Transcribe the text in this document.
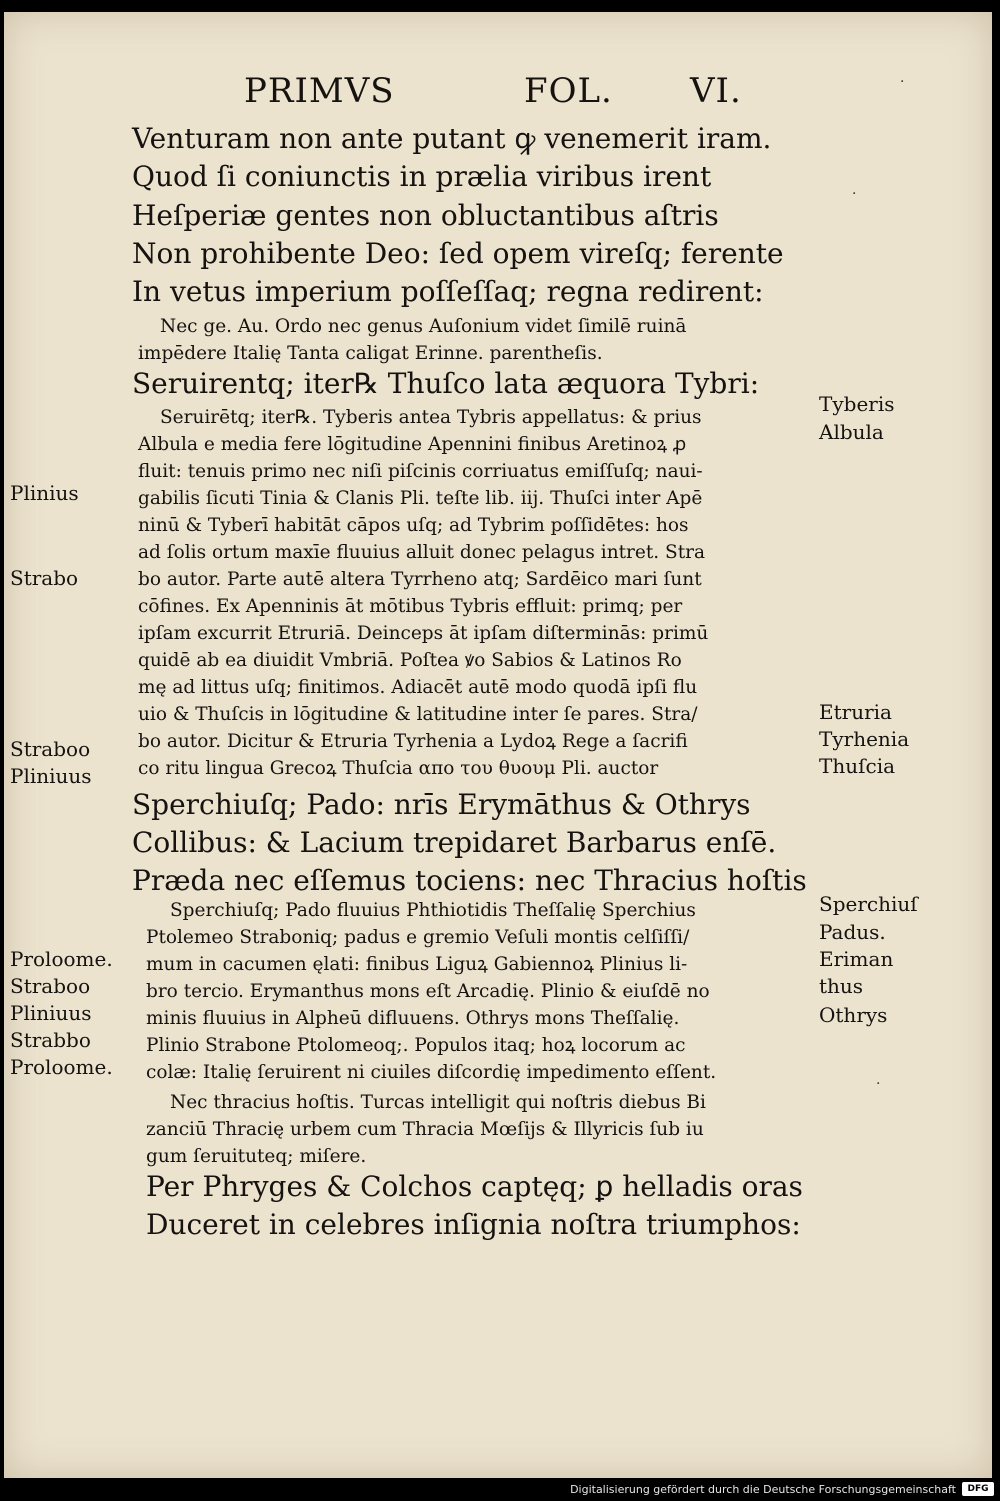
PRIMVS	FOL. VI.
Venturam non ante putant ꝙ venemerit iram.
Quod ſi coniunctis in prælia viribus irent
Heſperiæ gentes non obluctantibus aſtris
Non prohibente Deo: ſed opem vireſq; ferente
In vetus imperium poſſeſſaq; regna redirent:
Nec ge. Au. Ordo nec genus Auſonium videt ſimilē ruinā
impēdere Italię Tanta caligat Erinne. parentheſis.
Seruirentq; iter℞ Thuſco lata æquora Tybri:
Seruirētq; iter℞. Tyberis antea Tybris appellatus: & prius
Albula e media fere lōgitudine Apennini finibus Aretinoꝝ ꝓ
fluit: tenuis primo nec niſi piſcinis corriuatus emiſſuſq; naui-
gabilis ſicuti Tinia & Clanis Pli. teſte lib. iij. Thuſci inter Apē
ninū & Tyberī habitāt cāpos uſq; ad Tybrim poſſidētes: hos
ad ſolis ortum maxīe fluuius alluit donec pelagus intret. Stra
bo autor. Parte autē altera Tyrrheno atq; Sardēico mari ſunt
cōfines. Ex Apenninis āt mōtibus Tybris effluit: primq; per
ipſam excurrit Etruriā. Deinceps āt ipſam diſterminās: primū
quidē ab ea diuidit Vmbriā. Poſtea ꝟo Sabios & Latinos Ro
mę ad littus uſq; finitimos. Adiacēt autē modo quodā ipſi flu
uio & Thuſcis in lōgitudine & latitudine inter ſe pares. Stra/
bo autor. Dicitur & Etruria Tyrhenia a Lydoꝝ Rege a ſacrifi
co ritu lingua Grecoꝝ Thuſcia απο του θυουμ Pli. auctor
Sperchiuſq; Pado: nrīs Erymāthus & Othrys
Collibus: & Lacium trepidaret Barbarus enſē.
Præda nec eſſemus tociens: nec Thracius hoſtis
Sperchiuſq; Pado fluuius Phthiotidis Theſſalię Sperchius
Ptolemeo Straboniq; padus e gremio Veſuli montis celſiſſi/
mum in cacumen ęlati: finibus Liguꝝ Gabiennoꝝ Plinius li-
bro tercio. Erymanthus mons eſt Arcadię. Plinio & eiuſdē no
minis fluuius in Alpheū difluuens. Othrys mons Theſſalię.
Plinio Strabone Ptolomeoq;. Populos itaq; hoꝝ locorum ac
colæ: Italię ſeruirent ni ciuiles diſcordię impedimento eſſent.
Nec thracius hoſtis. Turcas intelligit qui noſtris diebus Bi
zanciū Thracię urbem cum Thracia Mœſijs & Illyricis ſub iu
gum ſeruituteq; miſere.
Per Phryges & Colchos captęq; ꝑ helladis oras
Duceret in celebres inſignia noſtra triumphos:
Plinius
Strabo
Straboo
Pliniuus
Proloome.
Straboo
Pliniuus
Strabbo
Proloome.
Tyberis
Albula
Etruria
Tyrhenia
Thuſcia
Sperchiuſ
Padus.
Eriman
thus
Othrys
·
·
·
Digitalisierung gefördert durch die Deutsche Forschungsgemeinschaft	DFG
